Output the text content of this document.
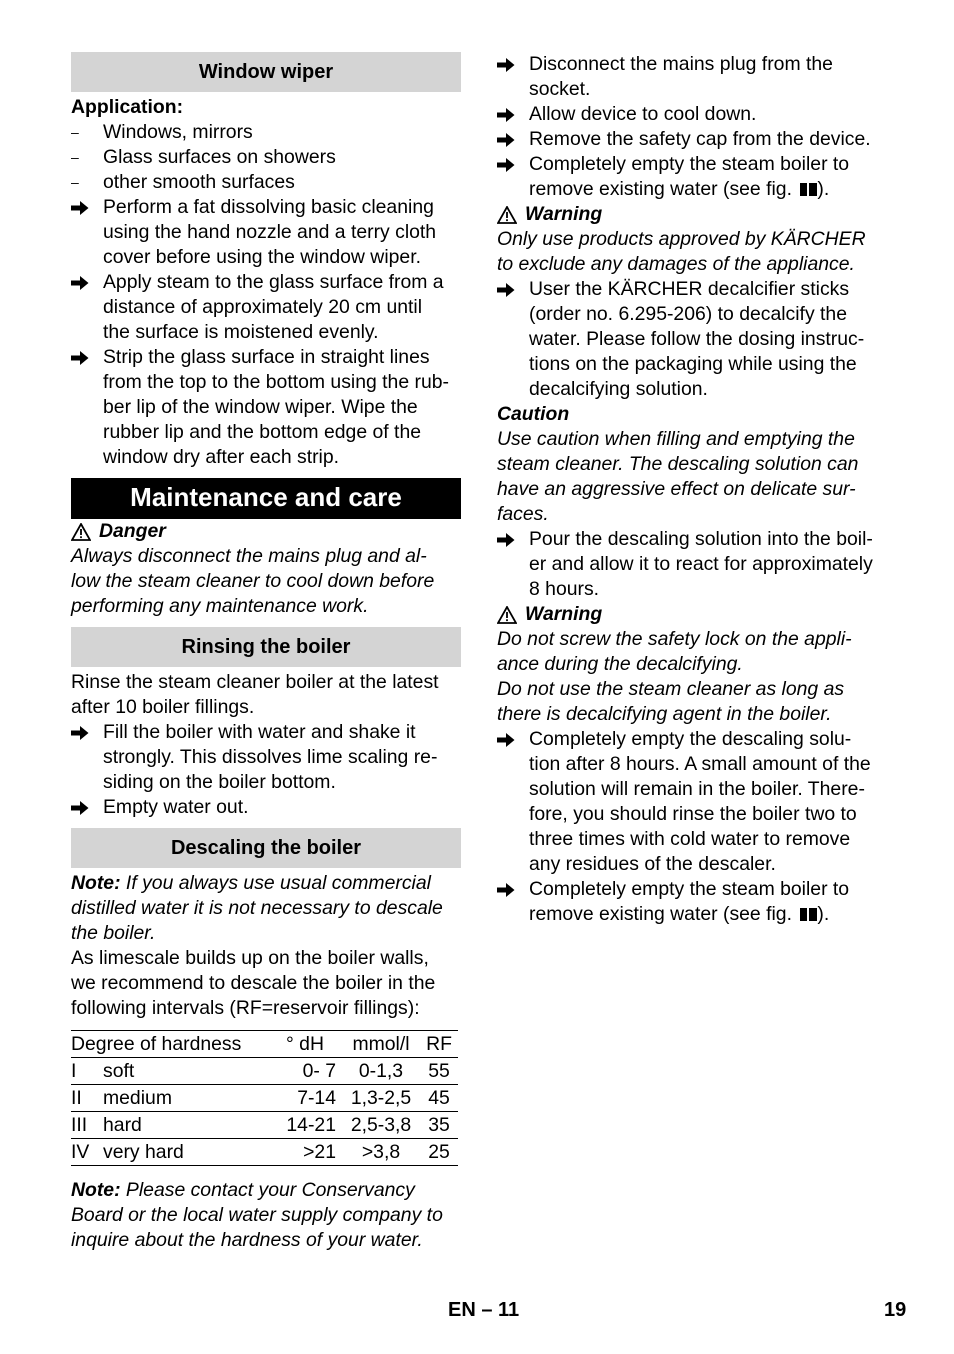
Window wiper
Application:
–	Windows, mirrors
–	Glass surfaces on showers
–	other smooth surfaces
Perform a fat dissolving basic cleaning
using the hand nozzle and a terry cloth
cover before using the window wiper.
Apply steam to the glass surface from a
distance of approximately 20 cm until
the surface is moistened evenly.
Strip the glass surface in straight lines
from the top to the bottom using the rub-
ber lip of the window wiper. Wipe the
rubber lip and the bottom edge of the
window dry after each strip.
Maintenance and care
Danger
Always disconnect the mains plug and al-
low the steam cleaner to cool down before
performing any maintenance work.
Rinsing the boiler
Rinse the steam cleaner boiler at the latest
after 10 boiler fillings.
Fill the boiler with water and shake it
strongly. This dissolves lime scaling re-
siding on the boiler bottom.
Empty water out.
Descaling the boiler
Note: If you always use usual commercial
distilled water it is not necessary to descale
the boiler.
As limescale builds up on the boiler walls,
we recommend to descale the boiler in the
following intervals (RF=reservoir fillings):
Degree of hardness		° dH	mmol/l	RF
I	soft	0- 7	0-1,3	55
II	medium	7-14	1,3-2,5	45
III	hard	14-21	2,5-3,8	35
IV	very hard	>21	>3,8	25
Note: Please contact your Conservancy
Board or the local water supply company to
inquire about the hardness of your water.
Disconnect the mains plug from the
socket.
Allow device to cool down.
Remove the safety cap from the device.
Completely empty the steam boiler to
remove existing water (see fig. ).
Warning
Only use products approved by KÄRCHER
to exclude any damages of the appliance.
User the KÄRCHER decalcifier sticks
(order no. 6.295-206) to decalcify the
water. Please follow the dosing instruc-
tions on the packaging while using the
decalcifying solution.
Caution
Use caution when filling and emptying the
steam cleaner. The descaling solution can
have an aggressive effect on delicate sur-
faces.
Pour the descaling solution into the boil-
er and allow it to react for approximately
8 hours.
Warning
Do not screw the safety lock on the appli-
ance during the decalcifying.
Do not use the steam cleaner as long as
there is decalcifying agent in the boiler.
Completely empty the descaling solu-
tion after 8 hours. A small amount of the
solution will remain in the boiler. There-
fore, you should rinse the boiler two to
three times with cold water to remove
any residues of the descaler.
Completely empty the steam boiler to
remove existing water (see fig. ).
EN – 11	19
